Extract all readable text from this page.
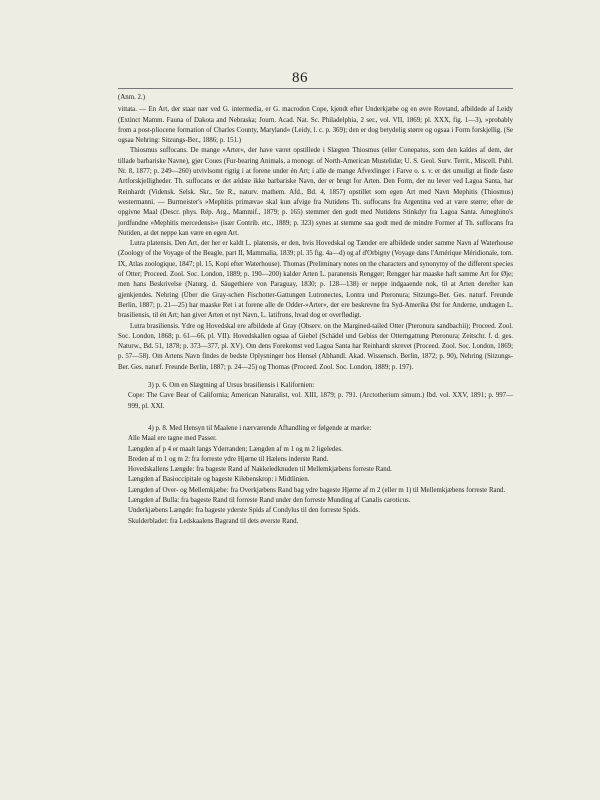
86

(Anm. 2.)

vittata. — En Art, der staar nær ved G. intermedia, er G. macrodon Cope, kjendt efter Underkjæbe og en øvre Rovtand, afbildede af Leidy (Extinct Mamm. Fauna of Dakota and Nebraska; Journ. Acad. Nat. Sc. Philadelphia, 2 ser., vol. VII, 1869; pl. XXX, fig. 1—3), »probably from a post-pliocene formation of Charles County, Maryland« (Leidy, l. c. p. 369); den er dog betydelig større og ogsaa i Form forskjellig. (Se ogsaa Nehring: Sitzungs-Ber., 1886; p. 151.)

Thiosmus suffocans. De mange »Arter«, der have været opstillede i Slægten Thiosmus (eller Conepatus, som den kaldes af dem, der tillade barbariske Navne), gjør Coues (Fur-bearing Animals, a monogr. of North-American Mustelidæ; U. S. Geol. Surv. Territ., Miscell. Publ. Nr. 8, 1877; p. 249—260) utvivlsomt rigtig i at forene under én Art; i alle de mange Afvexlinger i Farve o. s. v. er det umuligt at finde faste Artforskjelligheder. Th. suffocans er det ældste ikke barbariske Navn, der er brugt for Arten. Den Form, der nu lever ved Lagoa Santa, har Reinhardt (Vidensk. Selsk. Skr., 5te R., naturv. mathem. Afd., Bd. 4, 1857) opstillet som egen Art med Navn Mephitis (Thiosmus) westermanni. — Burmeister's »Mephitis primæva« skal kun afvige fra Nutidens Th. suffocans fra Argentina ved at være større; efter de opgivne Maal (Descr. phys. Rép. Arg., Mammif., 1879; p. 165) stemmer den godt med Nutidens Stinkdyr fra Lagoa Santa. Ameghino's jordfundne »Mephitis mercedensis« (især Contrib. etc., 1889; p. 323) synes at stemme saa godt med de mindre Former af Th. suffocans fra Nutiden, at det neppe kan være en egen Art.

Lutra platensis. Den Art, der her er kaldt L. platensis, er den, hvis Hovedskal og Tænder ere afbildede under samme Navn af Waterhouse (Zoology of the Voyage of the Beagle, part II, Mammalia, 1839; pl. 35 fig. 4a—d) og af d'Orbigny (Voyage dans l'Amérique Méridionale, tom. IX, Atlas zoologique, 1847; pl. 15, Kopi efter Waterhouse). Thomas (Preliminary notes on the characters and synonymy of the different species of Otter; Proceed. Zool. Soc. London, 1889; p. 190—200) kalder Arten L. paranensis Rengger; Rengger har maaske haft samme Art for Øje; men hans Beskrivelse (Naturg. d. Säugethiere von Paraguay, 1830; p. 128—138) er neppe indgaaende nok, til at Arten derefter kan gjenkjendes. Nehring (Über die Gray-schen Fischotter-Gattungen Lutronectes, Lontra und Pteronura; Sitzungs-Ber. Ges. naturf. Freunde Berlin, 1887; p. 21—25) har maaske Ret i at forene alle de Odder-»Arter«, der ere beskrevne fra Syd-Amerika Øst for Anderne, undtagen L. brasiliensis, til én Art; han giver Arten et nyt Navn, L. latifrons, hvad dog er overflødigt.

Lutra brasiliensis. Ydre og Hovedskal ere afbildede af Gray (Observ. on the Margined-tailed Otter (Pteronura sandbachii); Proceed. Zool. Soc. London, 1868; p. 61—66, pl. VII). Hovedskallen ogsaa af Giebel (Schädel und Gebiss der Otterngattung Pteronura; Zeitschr. f. d. ges. Naturw., Bd. 51, 1878; p. 373—377, pl. XV). Om dens Forekomst ved Lagoa Santa har Reinhardt skrevet (Proceed. Zool. Soc. London, 1869; p. 57—58). Om Artens Navn findes de bedste Oplysninger hos Hensel (Abhandl. Akad. Wissensch. Berlin, 1872; p. 90), Nehring (Sitzungs-Ber. Ges. naturf. Freunde Berlin, 1887; p. 24—25) og Thomas (Proceed. Zool. Soc. London, 1889; p. 197).

3) p. 6. Om en Slægtning af Ursus brasiliensis i Kalifornien:

Cope: The Cave Bear of California; American Naturalist, vol. XIII, 1879; p. 791. (Arctotherium simum.) Ibd. vol. XXV, 1891; p. 997—999, pl. XXI.

4) p. 8. Med Hensyn til Maalene i nærværende Afhandling er følgende at mærke:

Alle Maal ere tagne med Passer.

Længden af p 4 er maalt langs Yderranden; Længden af m 1 og m 2 ligeledes.

Breden af m 1 og m 2: fra forreste ydre Hjørne til Hælens inderste Rand.

Hovedskallens Længde: fra bageste Rand af Nakkeledknuden til Mellemkjæbens forreste Rand.

Længden af Basioccipitale og bageste Kilebenskrop: i Midtlinien.

Længden af Over- og Mellemkjæbe: fra Overkjæbens Rand bag ydre bageste Hjørne af m 2 (eller m 1) til Mellemkjæbens forreste Rand.

Længden af Bulla: fra bageste Rand til forreste Rand under den forreste Munding af Canalis caroticus.

Underkjæbens Længde: fra bageste yderste Spids af Condylus til den forreste Spids.

Skulderbladet: fra Ledskaalens Bagrand til dets øverste Rand.
